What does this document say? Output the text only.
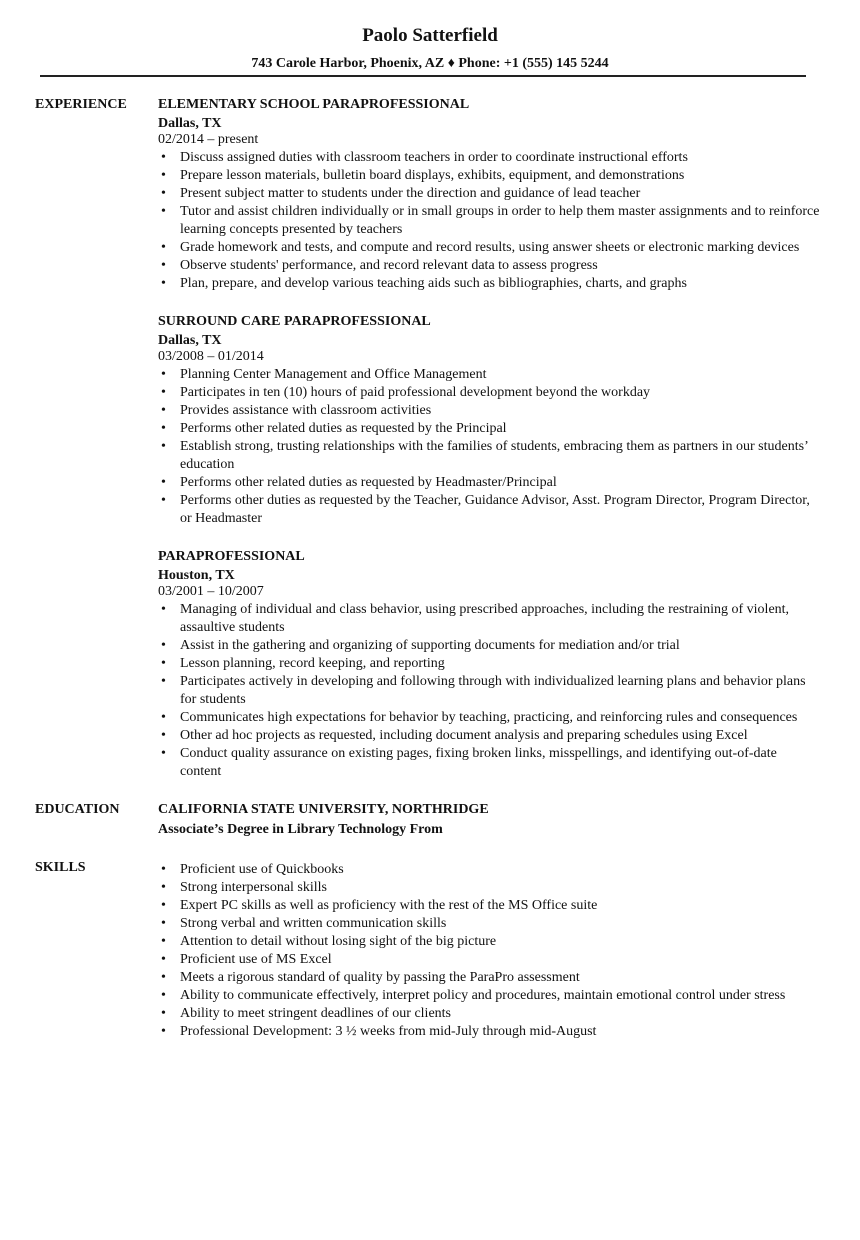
Paolo Satterfield
743 Carole Harbor, Phoenix, AZ ♦ Phone: +1 (555) 145 5244
EXPERIENCE	ELEMENTARY SCHOOL PARAPROFESSIONAL
Dallas, TX
02/2014 – present
• Discuss assigned duties with classroom teachers in order to coordinate instructional efforts
• Prepare lesson materials, bulletin board displays, exhibits, equipment, and demonstrations
• Present subject matter to students under the direction and guidance of lead teacher
• Tutor and assist children individually or in small groups in order to help them master assignments and to reinforce learning concepts presented by teachers
• Grade homework and tests, and compute and record results, using answer sheets or electronic marking devices
• Observe students' performance, and record relevant data to assess progress
• Plan, prepare, and develop various teaching aids such as bibliographies, charts, and graphs
SURROUND CARE PARAPROFESSIONAL
Dallas, TX
03/2008 – 01/2014
• Planning Center Management and Office Management
• Participates in ten (10) hours of paid professional development beyond the workday
• Provides assistance with classroom activities
• Performs other related duties as requested by the Principal
• Establish strong, trusting relationships with the families of students, embracing them as partners in our students’ education
• Performs other related duties as requested by Headmaster/Principal
• Performs other duties as requested by the Teacher, Guidance Advisor, Asst. Program Director, Program Director, or Headmaster
PARAPROFESSIONAL
Houston, TX
03/2001 – 10/2007
• Managing of individual and class behavior, using prescribed approaches, including the restraining of violent, assaultive students
• Assist in the gathering and organizing of supporting documents for mediation and/or trial
• Lesson planning, record keeping, and reporting
• Participates actively in developing and following through with individualized learning plans and behavior plans for students
• Communicates high expectations for behavior by teaching, practicing, and reinforcing rules and consequences
• Other ad hoc projects as requested, including document analysis and preparing schedules using Excel
• Conduct quality assurance on existing pages, fixing broken links, misspellings, and identifying out-of-date content
EDUCATION	CALIFORNIA STATE UNIVERSITY, NORTHRIDGE
Associate’s Degree in Library Technology From
SKILLS
•	Proficient use of Quickbooks
• Strong interpersonal skills
• Expert PC skills as well as proficiency with the rest of the MS Office suite
• Strong verbal and written communication skills
• Attention to detail without losing sight of the big picture
• Proficient use of MS Excel
• Meets a rigorous standard of quality by passing the ParaPro assessment
• Ability to communicate effectively, interpret policy and procedures, maintain emotional control under stress
• Ability to meet stringent deadlines of our clients
• Professional Development: 3 ½ weeks from mid-July through mid-August
